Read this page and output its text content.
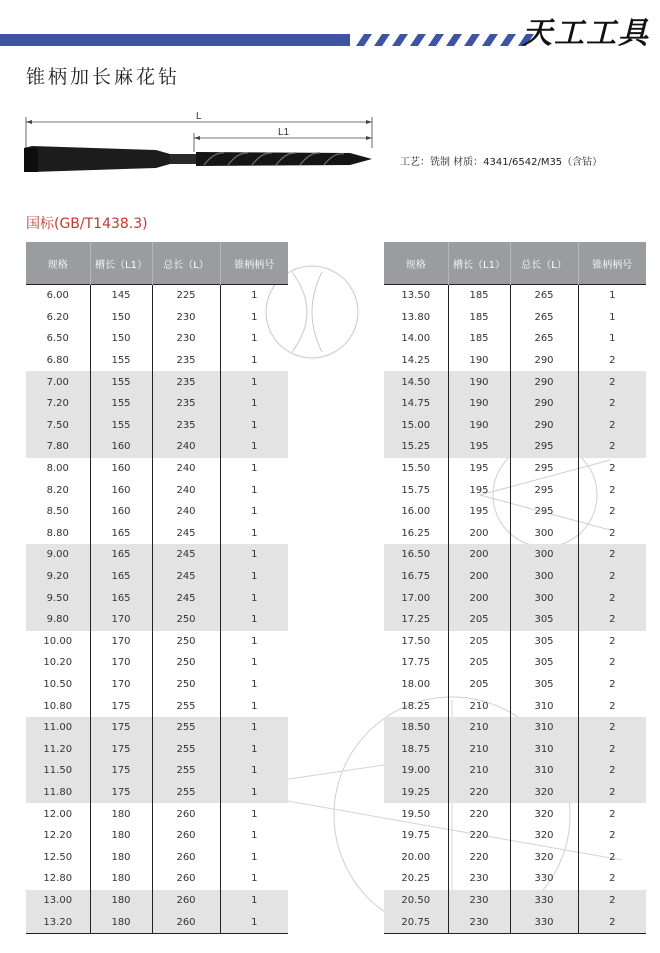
天工工具
锥柄加长麻花钻
L
L1
工艺：铣制 材质：4341/6542/M35（含钴）
国标(GB/T1438.3)
规格	槽长（L1）	总长（L）	锥柄柄号
6.00	145	225	1
6.20	150	230	1
6.50	150	230	1
6.80	155	235	1
7.00	155	235	1
7.20	155	235	1
7.50	155	235	1
7.80	160	240	1
8.00	160	240	1
8.20	160	240	1
8.50	160	240	1
8.80	165	245	1
9.00	165	245	1
9.20	165	245	1
9.50	165	245	1
9.80	170	250	1
10.00	170	250	1
10.20	170	250	1
10.50	170	250	1
10.80	175	255	1
11.00	175	255	1
11.20	175	255	1
11.50	175	255	1
11.80	175	255	1
12.00	180	260	1
12.20	180	260	1
12.50	180	260	1
12.80	180	260	1
13.00	180	260	1
13.20	180	260	1
规格	槽长（L1）	总长（L）	锥柄柄号
13.50	185	265	1
13.80	185	265	1
14.00	185	265	1
14.25	190	290	2
14.50	190	290	2
14.75	190	290	2
15.00	190	290	2
15.25	195	295	2
15.50	195	295	2
15.75	195	295	2
16.00	195	295	2
16.25	200	300	2
16.50	200	300	2
16.75	200	300	2
17.00	200	300	2
17.25	205	305	2
17.50	205	305	2
17.75	205	305	2
18.00	205	305	2
18.25	210	310	2
18.50	210	310	2
18.75	210	310	2
19.00	210	310	2
19.25	220	320	2
19.50	220	320	2
19.75	220	320	2
20.00	220	320	2
20.25	230	330	2
20.50	230	330	2
20.75	230	330	2
